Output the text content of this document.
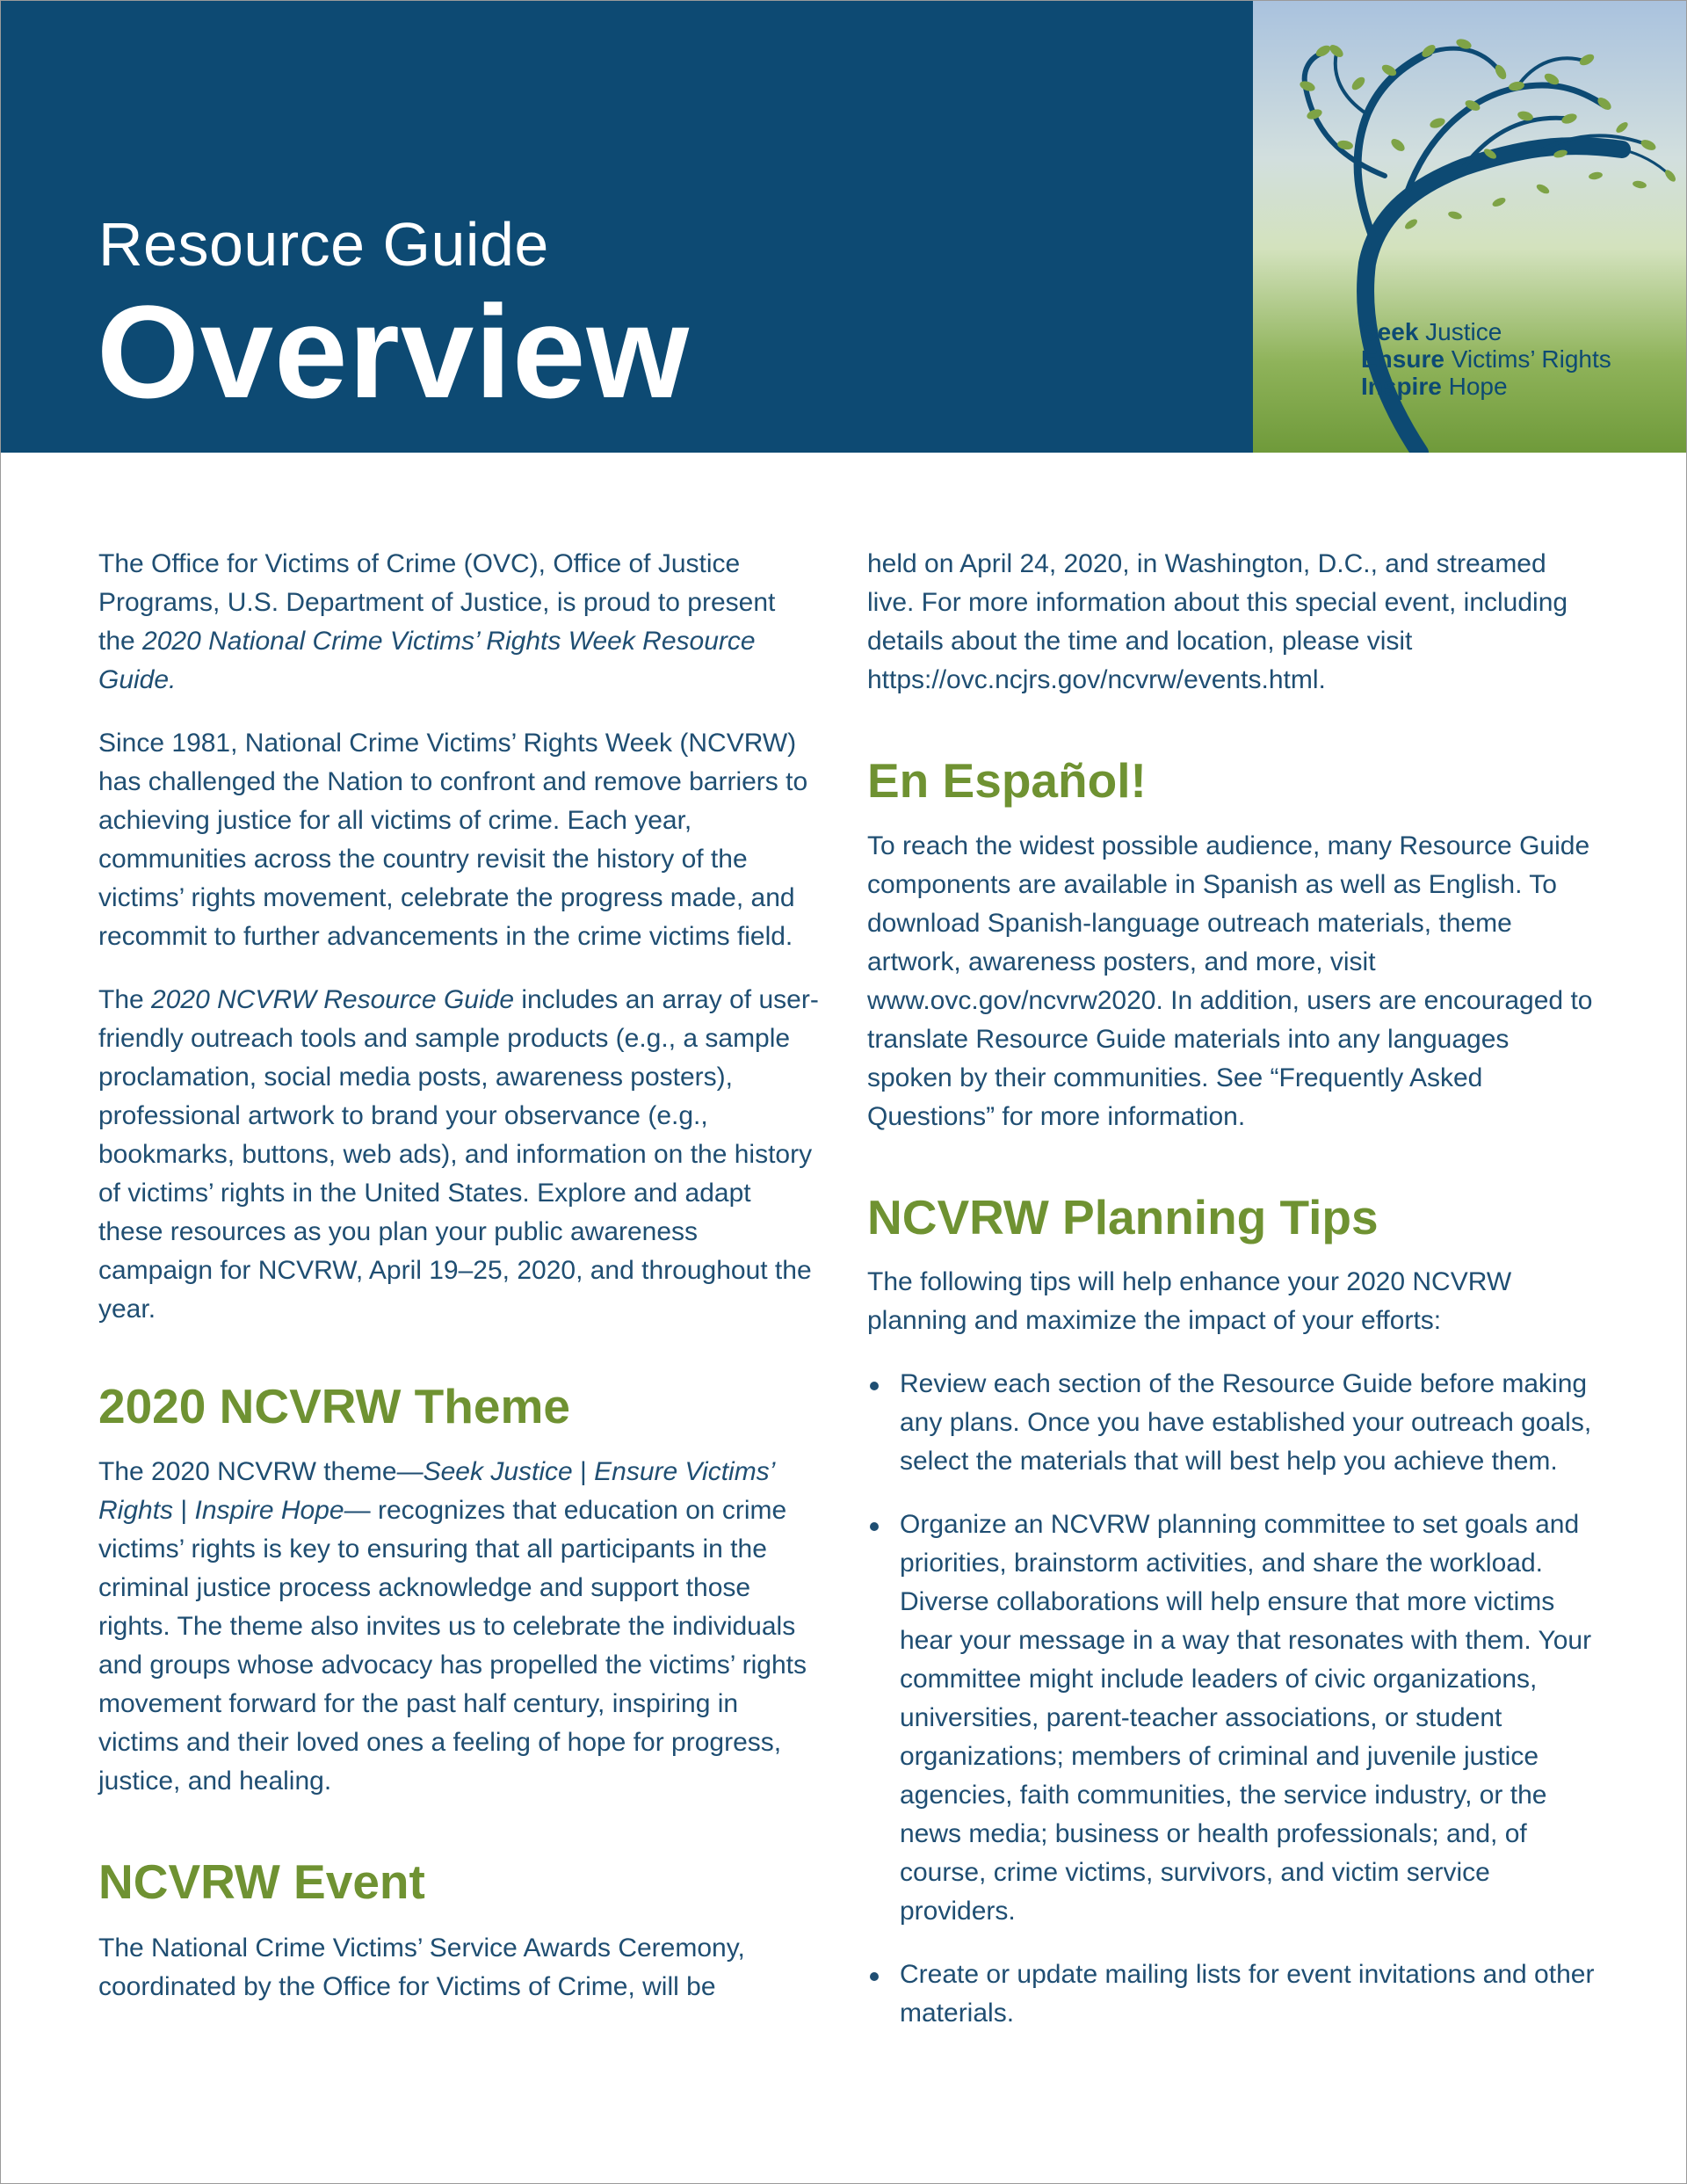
Resource Guide
Overview	Seek Justice
Ensure Victims’ Rights
Inspire Hope

The Office for Victims of Crime (OVC), Office of Justice Programs, U.S. Department of Justice, is proud to present the 2020 National Crime Victims’ Rights Week Resource Guide.

Since 1981, National Crime Victims’ Rights Week (NCVRW) has challenged the Nation to confront and remove barriers to achieving justice for all victims of crime. Each year, communities across the country revisit the history of the victims’ rights movement, celebrate the progress made, and recommit to further advancements in the crime victims field.

The 2020 NCVRW Resource Guide includes an array of user-friendly outreach tools and sample products (e.g., a sample proclamation, social media posts, awareness posters), professional artwork to brand your observance (e.g., bookmarks, buttons, web ads), and information on the history of victims’ rights in the United States. Explore and adapt these resources as you plan your public awareness campaign for NCVRW, April 19–25, 2020, and throughout the year.

2020 NCVRW Theme

The 2020 NCVRW theme—Seek Justice | Ensure Victims’ Rights | Inspire Hope— recognizes that education on crime victims’ rights is key to ensuring that all participants in the criminal justice process acknowledge and support those rights. The theme also invites us to celebrate the individuals and groups whose advocacy has propelled the victims’ rights movement forward for the past half century, inspiring in victims and their loved ones a feeling of hope for progress, justice, and healing.

NCVRW Event

The National Crime Victims’ Service Awards Ceremony, coordinated by the Office for Victims of Crime, will be

held on April 24, 2020, in Washington, D.C., and streamed live. For more information about this special event, including details about the time and location, please visit https://ovc.ncjrs.gov/ncvrw/events.html.

En Español!

To reach the widest possible audience, many Resource Guide components are available in Spanish as well as English. To download Spanish-language outreach materials, theme artwork, awareness posters, and more, visit www.ovc.gov/ncvrw2020. In addition, users are encouraged to translate Resource Guide materials into any languages spoken by their communities. See “Frequently Asked Questions” for more information.

NCVRW Planning Tips

The following tips will help enhance your 2020 NCVRW planning and maximize the impact of your efforts:

Review each section of the Resource Guide before making any plans. Once you have established your outreach goals, select the materials that will best help you achieve them.
Organize an NCVRW planning committee to set goals and priorities, brainstorm activities, and share the workload. Diverse collaborations will help ensure that more victims hear your message in a way that resonates with them. Your committee might include leaders of civic organizations, universities, parent-teacher associations, or student organizations; members of criminal and juvenile justice agencies, faith communities, the service industry, or the news media; business or health professionals; and, of course, crime victims, survivors, and victim service providers.
Create or update mailing lists for event invitations and other materials.
